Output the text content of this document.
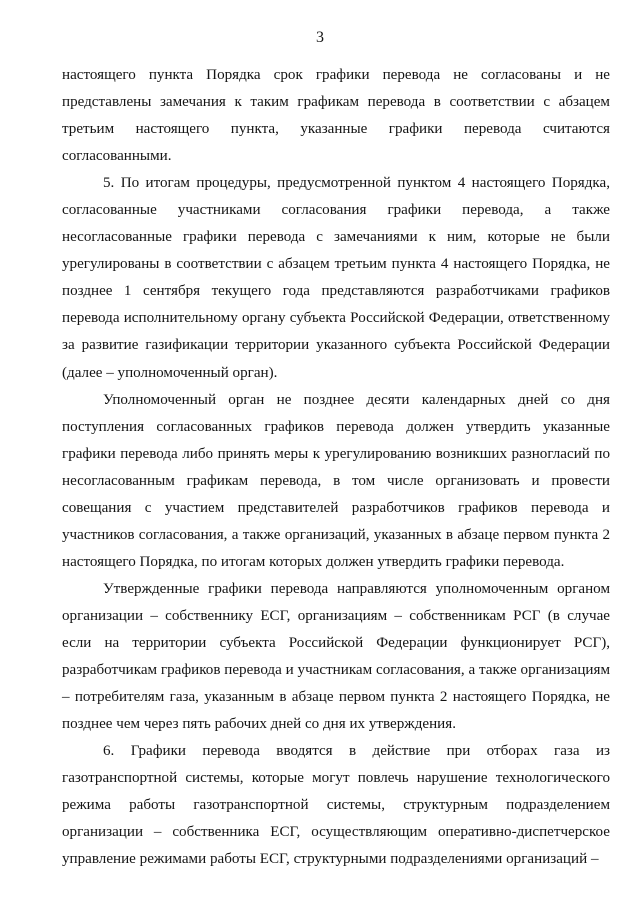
3

настоящего пункта Порядка срок графики перевода не согласованы и не представлены замечания к таким графикам перевода в соответствии с абзацем третьим настоящего пункта, указанные графики перевода считаются согласованными.

5. По итогам процедуры, предусмотренной пунктом 4 настоящего Порядка, согласованные участниками согласования графики перевода, а также несогласованные графики перевода с замечаниями к ним, которые не были урегулированы в соответствии с абзацем третьим пункта 4 настоящего Порядка, не позднее 1 сентября текущего года представляются разработчиками графиков перевода исполнительному органу субъекта Российской Федерации, ответственному за развитие газификации территории указанного субъекта Российской Федерации (далее – уполномоченный орган).

Уполномоченный орган не позднее десяти календарных дней со дня поступления согласованных графиков перевода должен утвердить указанные графики перевода либо принять меры к урегулированию возникших разногласий по несогласованным графикам перевода, в том числе организовать и провести совещания с участием представителей разработчиков графиков перевода и участников согласования, а также организаций, указанных в абзаце первом пункта 2 настоящего Порядка, по итогам которых должен утвердить графики перевода.

Утвержденные графики перевода направляются уполномоченным органом организации – собственнику ЕСГ, организациям – собственникам РСГ (в случае если на территории субъекта Российской Федерации функционирует РСГ), разработчикам графиков перевода и участникам согласования, а также организациям – потребителям газа, указанным в абзаце первом пункта 2 настоящего Порядка, не позднее чем через пять рабочих дней со дня их утверждения.

6. Графики перевода вводятся в действие при отборах газа из газотранспортной системы, которые могут повлечь нарушение технологического режима работы газотранспортной системы, структурным подразделением организации – собственника ЕСГ, осуществляющим оперативно-диспетчерское управление режимами работы ЕСГ, структурными подразделениями организаций –
